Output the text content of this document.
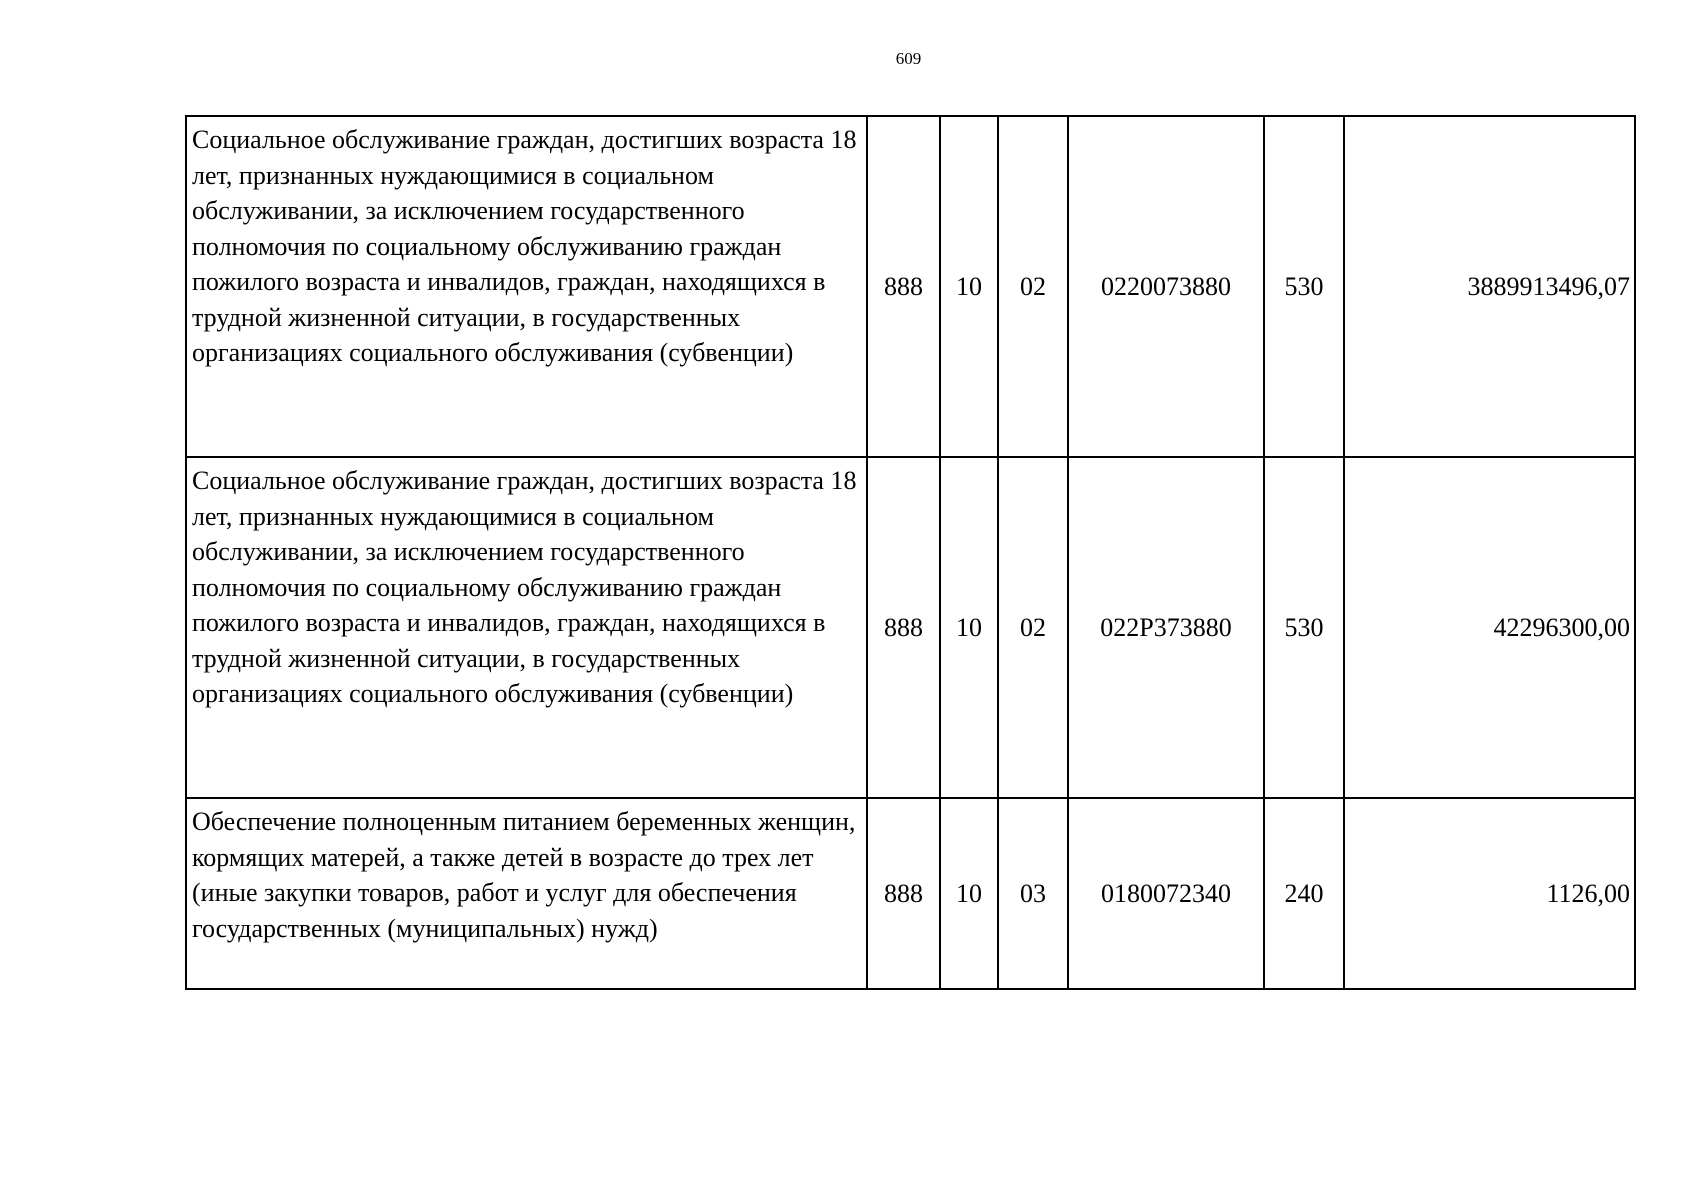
609
Социальное обслуживание граждан, достигших возраста 18 лет, признанных нуждающимися в социальном обслуживании, за исключением государственного полномочия по социальному обслуживанию граждан пожилого возраста и инвалидов, граждан, находящихся в трудной жизненной ситуации, в государственных организациях социального обслуживания (субвенции)	888	10	02	0220073880	530	3889913496,07
Социальное обслуживание граждан, достигших возраста 18 лет, признанных нуждающимися в социальном обслуживании, за исключением государственного полномочия по социальному обслуживанию граждан пожилого возраста и инвалидов, граждан, находящихся в трудной жизненной ситуации, в государственных организациях социального обслуживания (субвенции)	888	10	02	022P373880	530	42296300,00
Обеспечение полноценным питанием беременных женщин, кормящих матерей, а также детей в возрасте до трех лет (иные закупки товаров, работ и услуг для обеспечения государственных (муниципальных) нужд)	888	10	03	0180072340	240	1126,00
